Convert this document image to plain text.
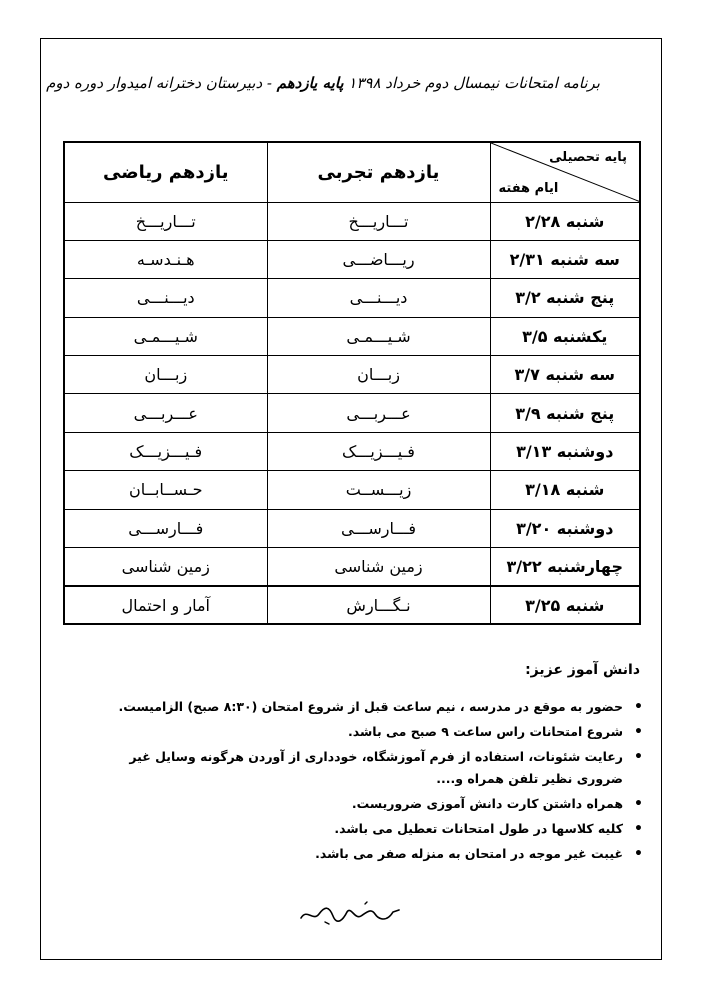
برنامه امتحانات نیمسال دوم خرداد ۱۳۹۸ پایه یازدهم - دبیرستان دخترانه امیدوار دوره دوم
پایه تحصیلی
ایام هفته	یازدهم تجربی	یازدهم ریاضی
شنبه ۲/۲۸	تـــاریـــخ	تـــاریـــخ
سه شنبه ۲/۳۱	ریـــاضـــی	هـنـدسـه
پنج شنبه ۳/۲	دیـــنـــی	دیـــنـــی
یکشنبه ۳/۵	شـیـــمـی	شـیـــمـی
سه شنبه ۳/۷	زبـــان	زبـــان
پنج شنبه ۳/۹	عـــربـــی	عـــربـــی
دوشنبه ۳/۱۳	فـیـــزیـــک	فـیـــزیـــک
شنبه ۳/۱۸	زیـــســت	حـســابــان
دوشنبه ۳/۲۰	فـــارســـی	فـــارســـی
چهارشنبه ۳/۲۲	زمین شناسی	زمین شناسی
شنبه ۳/۲۵	نـگـــارش	آمار و احتمال
دانش آموز عزیز:
• حضور به موقع در مدرسه ، نیم ساعت قبل از شروع امتحان (۸:۳۰ صبح) الزامیست.
• شروع امتحانات راس ساعت ۹ صبح می باشد.
• رعایت شئونات، استفاده از فرم آموزشگاه، خودداری از آوردن هرگونه وسایل غیر ضروری نظیر تلفن همراه و....
• همراه داشتن کارت دانش آموزی ضروریست.
• کلیه کلاسها در طول امتحانات تعطیل می باشد.
• غیبت غیر موجه در امتحان به منزله صفر می باشد.
